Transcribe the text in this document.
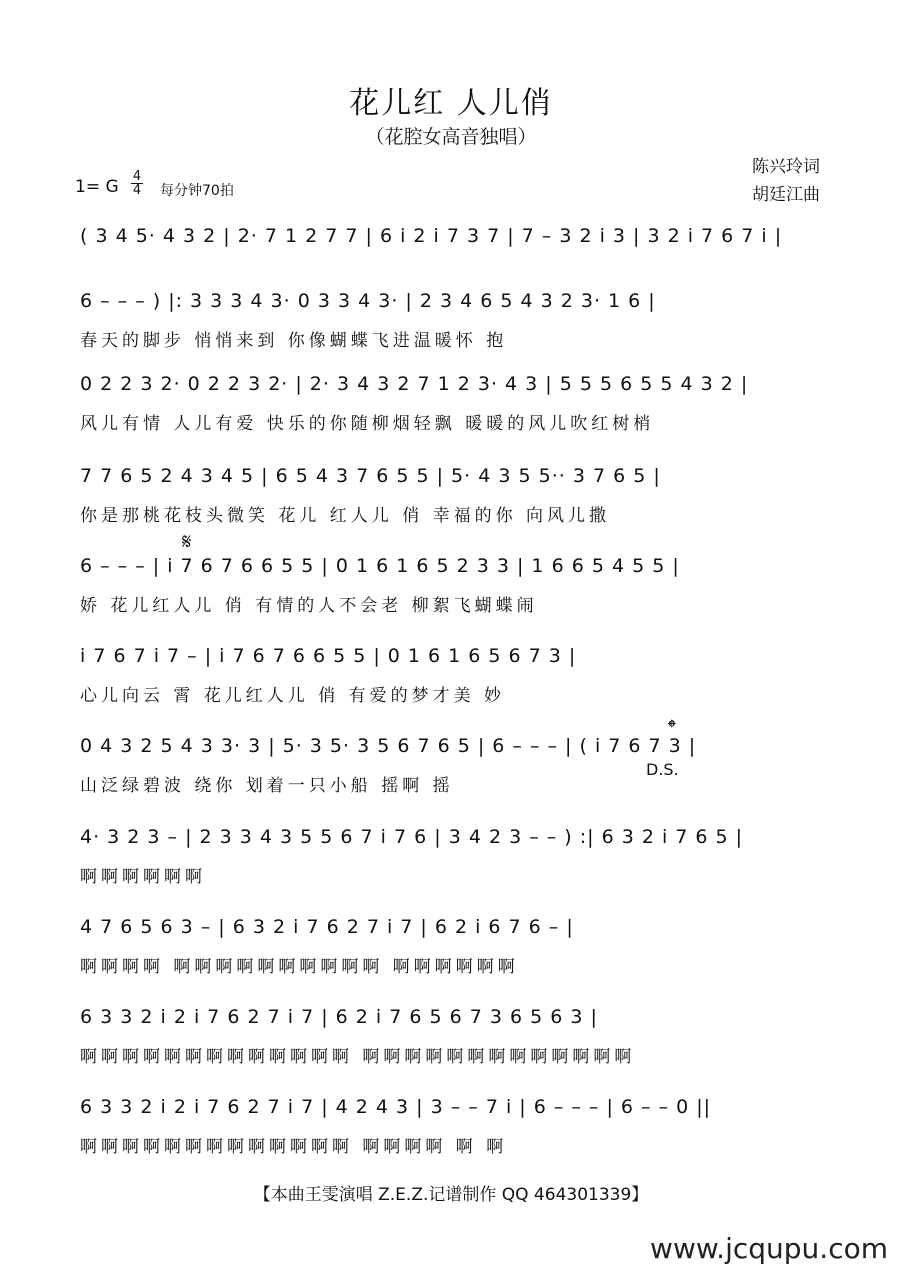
花儿红 人儿俏
（花腔女高音独唱）
陈兴玲词
胡廷江曲
1= G
4
4 每分钟70拍
( 3 4 5· 4 3 2 | 2· 7 1 2 7 7 | 6 i 2 i 7 3 7 | 7 – 3 2 i 3 | 3 2 i 7 6 7 i |
6 – – – ) |: 3 3 3 4 3· 0 3 3 4 3· | 2 3 4 6 5 4 3 2 3· 1 6 |
春天的脚步 悄悄来到 你像蝴蝶飞进温暖怀 抱
0 2 2 3 2· 0 2 2 3 2· | 2· 3 4 3 2 7 1 2 3· 4 3 | 5 5 5 6 5 5 4 3 2 |
风儿有情 人儿有爱 快乐的你随柳烟轻飘 暖暖的风儿吹红树梢
7 7 6 5 2 4 3 4 5 | 6 5 4 3 7 6 5 5 | 5· 4 3 5 5·· 3 7 6 5 |
你是那桃花枝头微笑 花儿 红人儿 俏 幸福的你 向风儿撒
𝄋
6 – – – | i 7 6 7 6 6 5 5 | 0 1 6 1 6 5 2 3 3 | 1 6 6 5 4 5 5 |
娇 花儿红人儿 俏 有情的人不会老 柳絮飞蝴蝶闹
i 7 6 7 i 7 – | i 7 6 7 6 6 5 5 | 0 1 6 1 6 5 6 7 3 |
心儿向云 霄 花儿红人儿 俏 有爱的梦才美 妙
0 4 3 2 5 4 3 3· 3 | 5· 3 5· 3 5 6 7 6 5 | 6 – – – | ( i 7 6 7 3 |
山泛绿碧波 绕你 划着一只小船 摇啊 摇
D.S.
𝄌
4· 3 2 3 – | 2 3 3 4 3 5 5 6 7 i 7 6 | 3 4 2 3 – – ) :| 6 3 2 i 7 6 5 |
啊啊啊啊啊啊
4 7 6 5 6 3 – | 6 3 2 i 7 6 2 7 i 7 | 6 2 i 6 7 6 – |
啊啊啊啊 啊啊啊啊啊啊啊啊啊啊 啊啊啊啊啊啊
6 3 3 2 i 2 i 7 6 2 7 i 7 | 6 2 i 7 6 5 6 7 3 6 5 6 3 |
啊啊啊啊啊啊啊啊啊啊啊啊啊 啊啊啊啊啊啊啊啊啊啊啊啊啊
6 3 3 2 i 2 i 7 6 2 7 i 7 | 4 2 4 3 | 3 – – 7 i | 6 – – – | 6 – – 0 ||
啊啊啊啊啊啊啊啊啊啊啊啊啊 啊啊啊啊 啊 啊
【本曲王雯演唱 Z.E.Z.记谱制作 QQ 464301339】
www.jcqupu.com
